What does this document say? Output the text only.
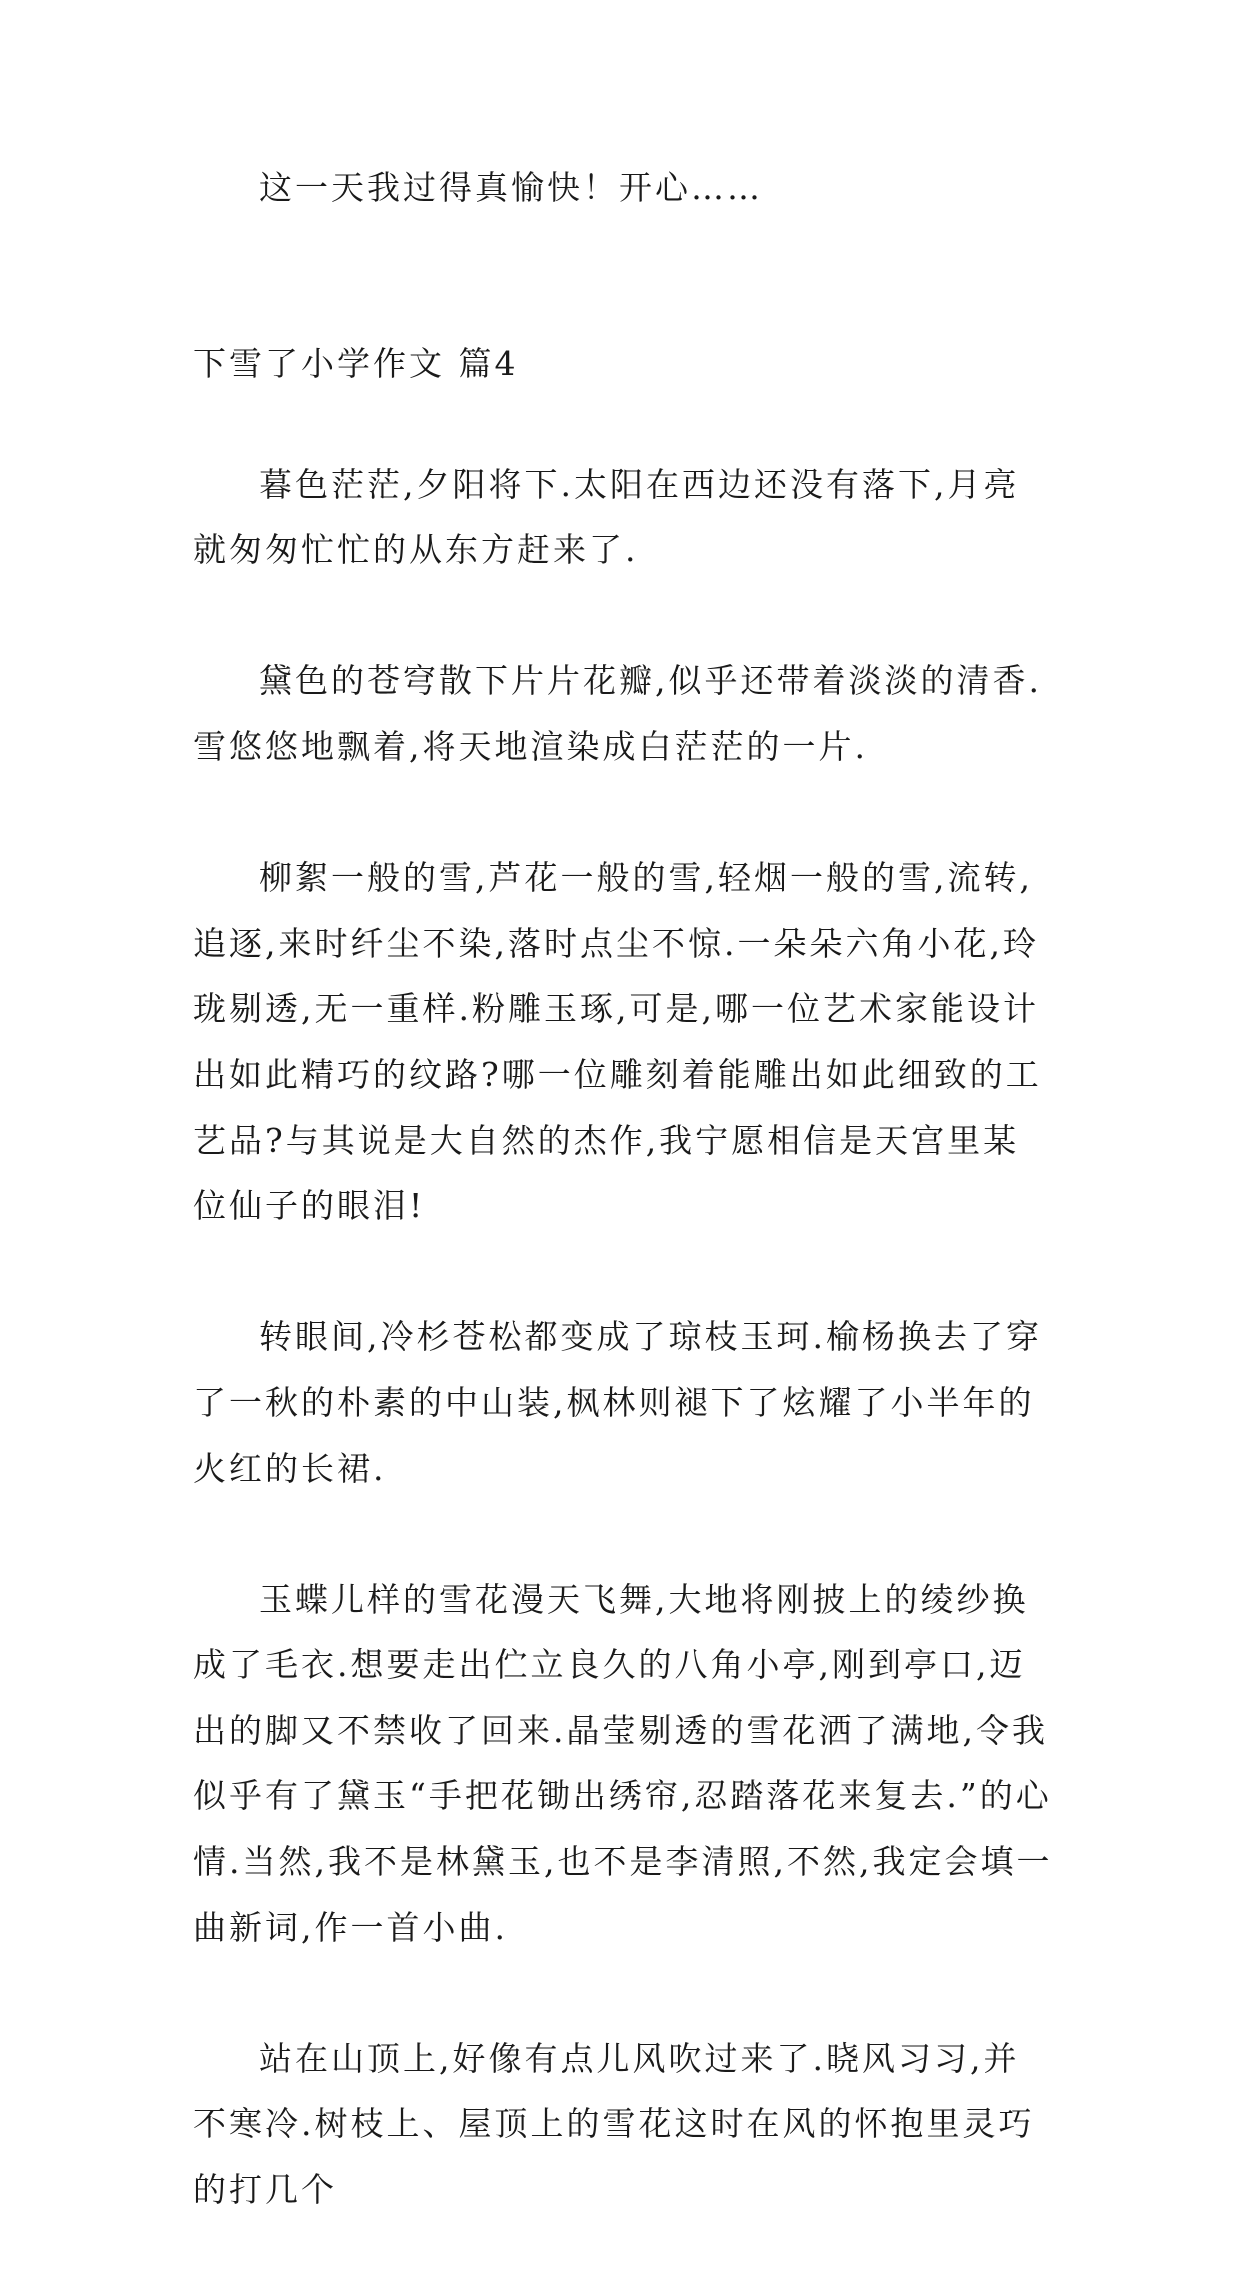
这一天我过得真愉快！开心……

下雪了小学作文 篇4

暮色茫茫,夕阳将下.太阳在西边还没有落下,月亮就匆匆忙忙的从东方赶来了.

黛色的苍穹散下片片花瓣,似乎还带着淡淡的清香.雪悠悠地飘着,将天地渲染成白茫茫的一片.

柳絮一般的雪,芦花一般的雪,轻烟一般的雪,流转,追逐,来时纤尘不染,落时点尘不惊.一朵朵六角小花,玲珑剔透,无一重样.粉雕玉琢,可是,哪一位艺术家能设计出如此精巧的纹路?哪一位雕刻着能雕出如此细致的工艺品?与其说是大自然的杰作,我宁愿相信是天宫里某位仙子的眼泪!

转眼间,冷杉苍松都变成了琼枝玉珂.榆杨换去了穿了一秋的朴素的中山装,枫林则褪下了炫耀了小半年的火红的长裙.

玉蝶儿样的雪花漫天飞舞,大地将刚披上的绫纱换成了毛衣.想要走出伫立良久的八角小亭,刚到亭口,迈出的脚又不禁收了回来.晶莹剔透的雪花洒了满地,令我似乎有了黛玉“手把花锄出绣帘,忍踏落花来复去.”的心情.当然,我不是林黛玉,也不是李清照,不然,我定会填一曲新词,作一首小曲.

站在山顶上,好像有点儿风吹过来了.晓风习习,并不寒冷.树枝上、屋顶上的雪花这时在风的怀抱里灵巧的打几个
